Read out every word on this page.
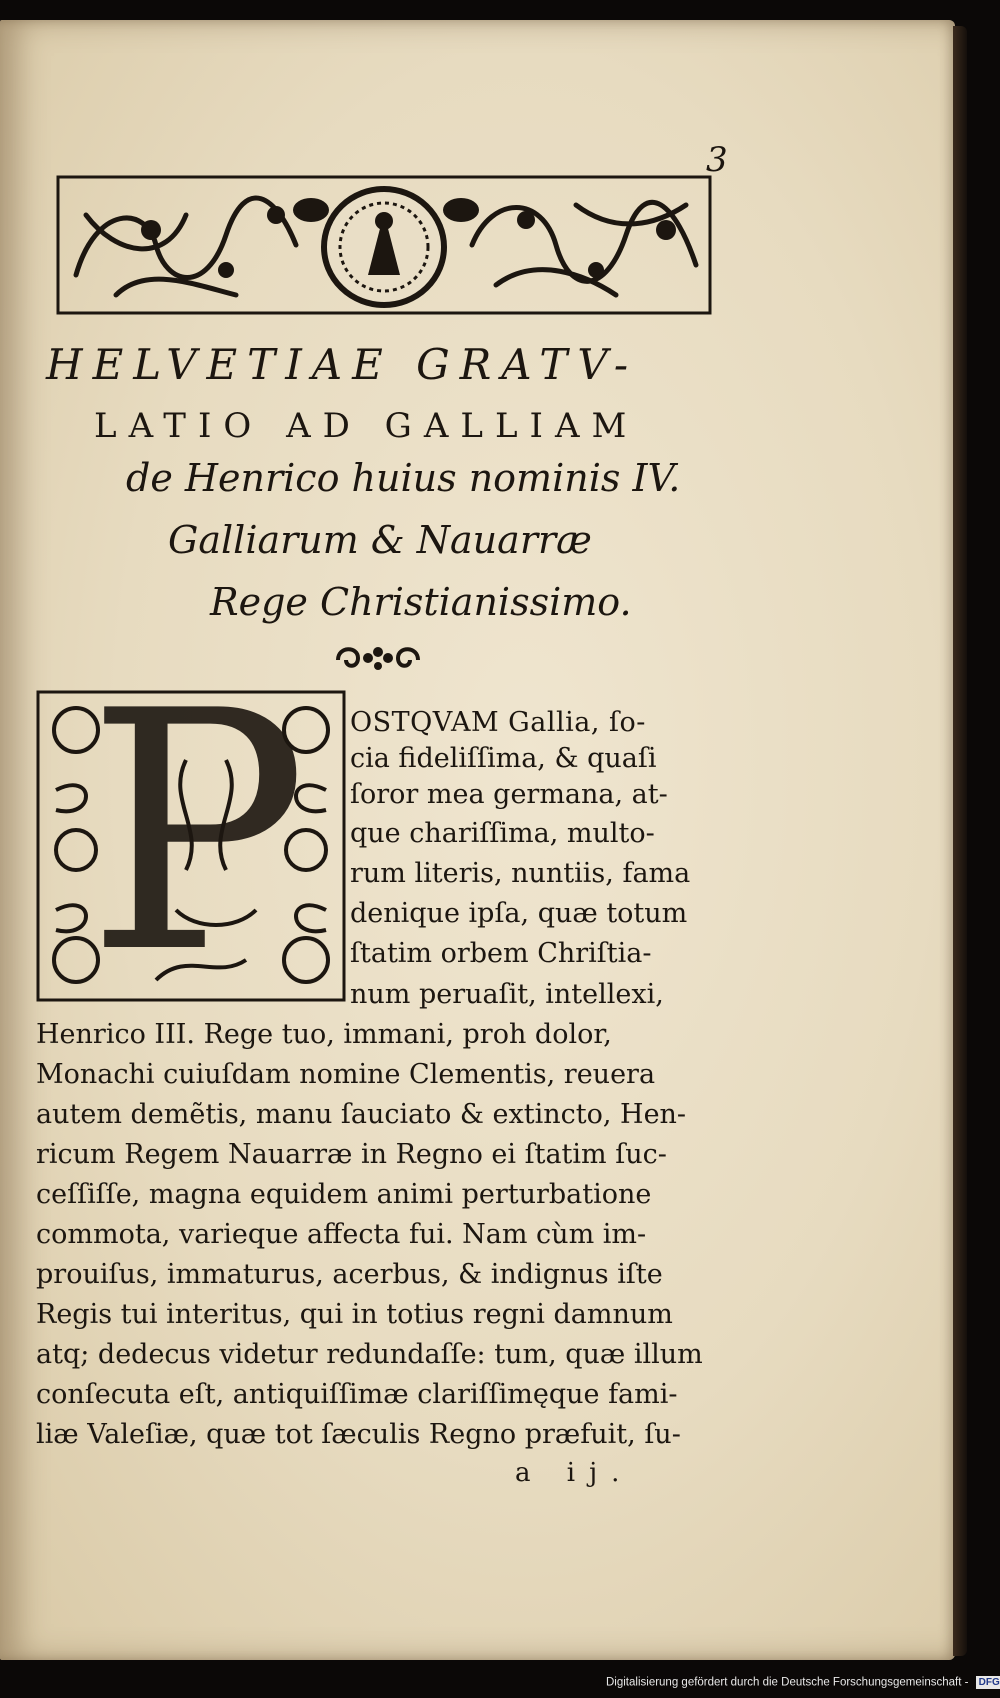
3
HELVETIAE GRATV-
LATIO AD GALLIAM
de Henrico huius nominis IV.
Galliarum & Nauarræ
Rege Christianissimo.
P OSTQVAM Gallia, ſo-
cia fideliſſima, & quaſi
ſoror mea germana, at-
que chariſſima, multo-
rum literis, nuntiis, fama
denique ipſa, quæ totum
ſtatim orbem Chriſtia-
num peruaſit, intellexi,
Henrico III. Rege tuo, immani, proh dolor,
Monachi cuiuſdam nomine Clementis, reuera
autem demẽtis, manu ſauciato & extincto, Hen-
ricum Regem Nauarræ in Regno ei ſtatim ſuc-
ceſſiſſe, magna equidem animi perturbatione
commota, varieque affecta fui. Nam cùm im-
prouiſus, immaturus, acerbus, & indignus iſte
Regis tui interitus, qui in totius regni damnum
atq; dedecus videtur redundaſſe: tum, quæ illum
conſecuta eſt, antiquiſſimæ clariſſimęque fami-
liæ Valeſiæ, quæ tot ſæculis Regno præfuit, ſu-
a ij.
Digitalisierung gefördert durch die Deutsche Forschungsgemeinschaft - DFG
